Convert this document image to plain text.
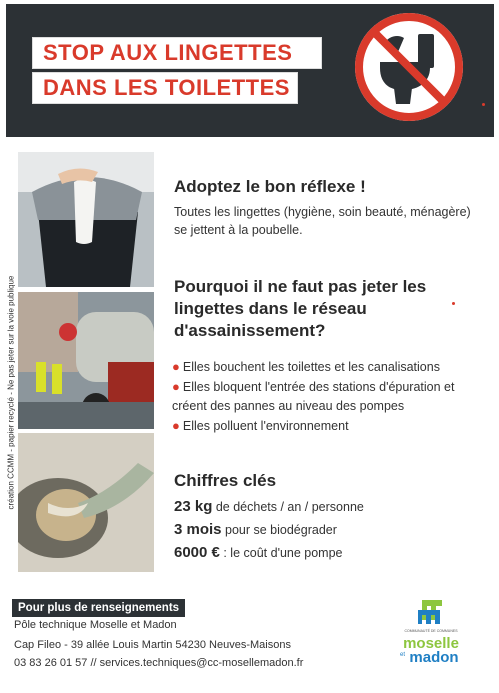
STOP AUX LINGETTES
DANS LES TOILETTES
création CCMM - papier recyclé - Ne pas jeter sur la voie publique
Adoptez le bon réflexe !
Toutes les lingettes (hygiène, soin beauté, ménagère) se jettent à la poubelle.
Pourquoi il ne faut pas jeter les lingettes dans le réseau d'assainissement?
● Elles bouchent les toilettes et les canalisations
● Elles bloquent l'entrée des stations d'épuration et créent des pannes au niveau des pompes
● Elles polluent l'environnement
Chiffres clés
23 kg de déchets / an / personne
3 mois pour se biodégrader
6000 € : le coût d'une pompe
Pour plus de renseignements
Pôle technique Moselle et Madon
Cap Fileo - 39 allée Louis Martin 54230 Neuves-Maisons
03 83 26 01 57 // services.techniques@cc-mosellemadon.fr
COMMUNAUTÉ DE COMMUNES
moselle
et madon
